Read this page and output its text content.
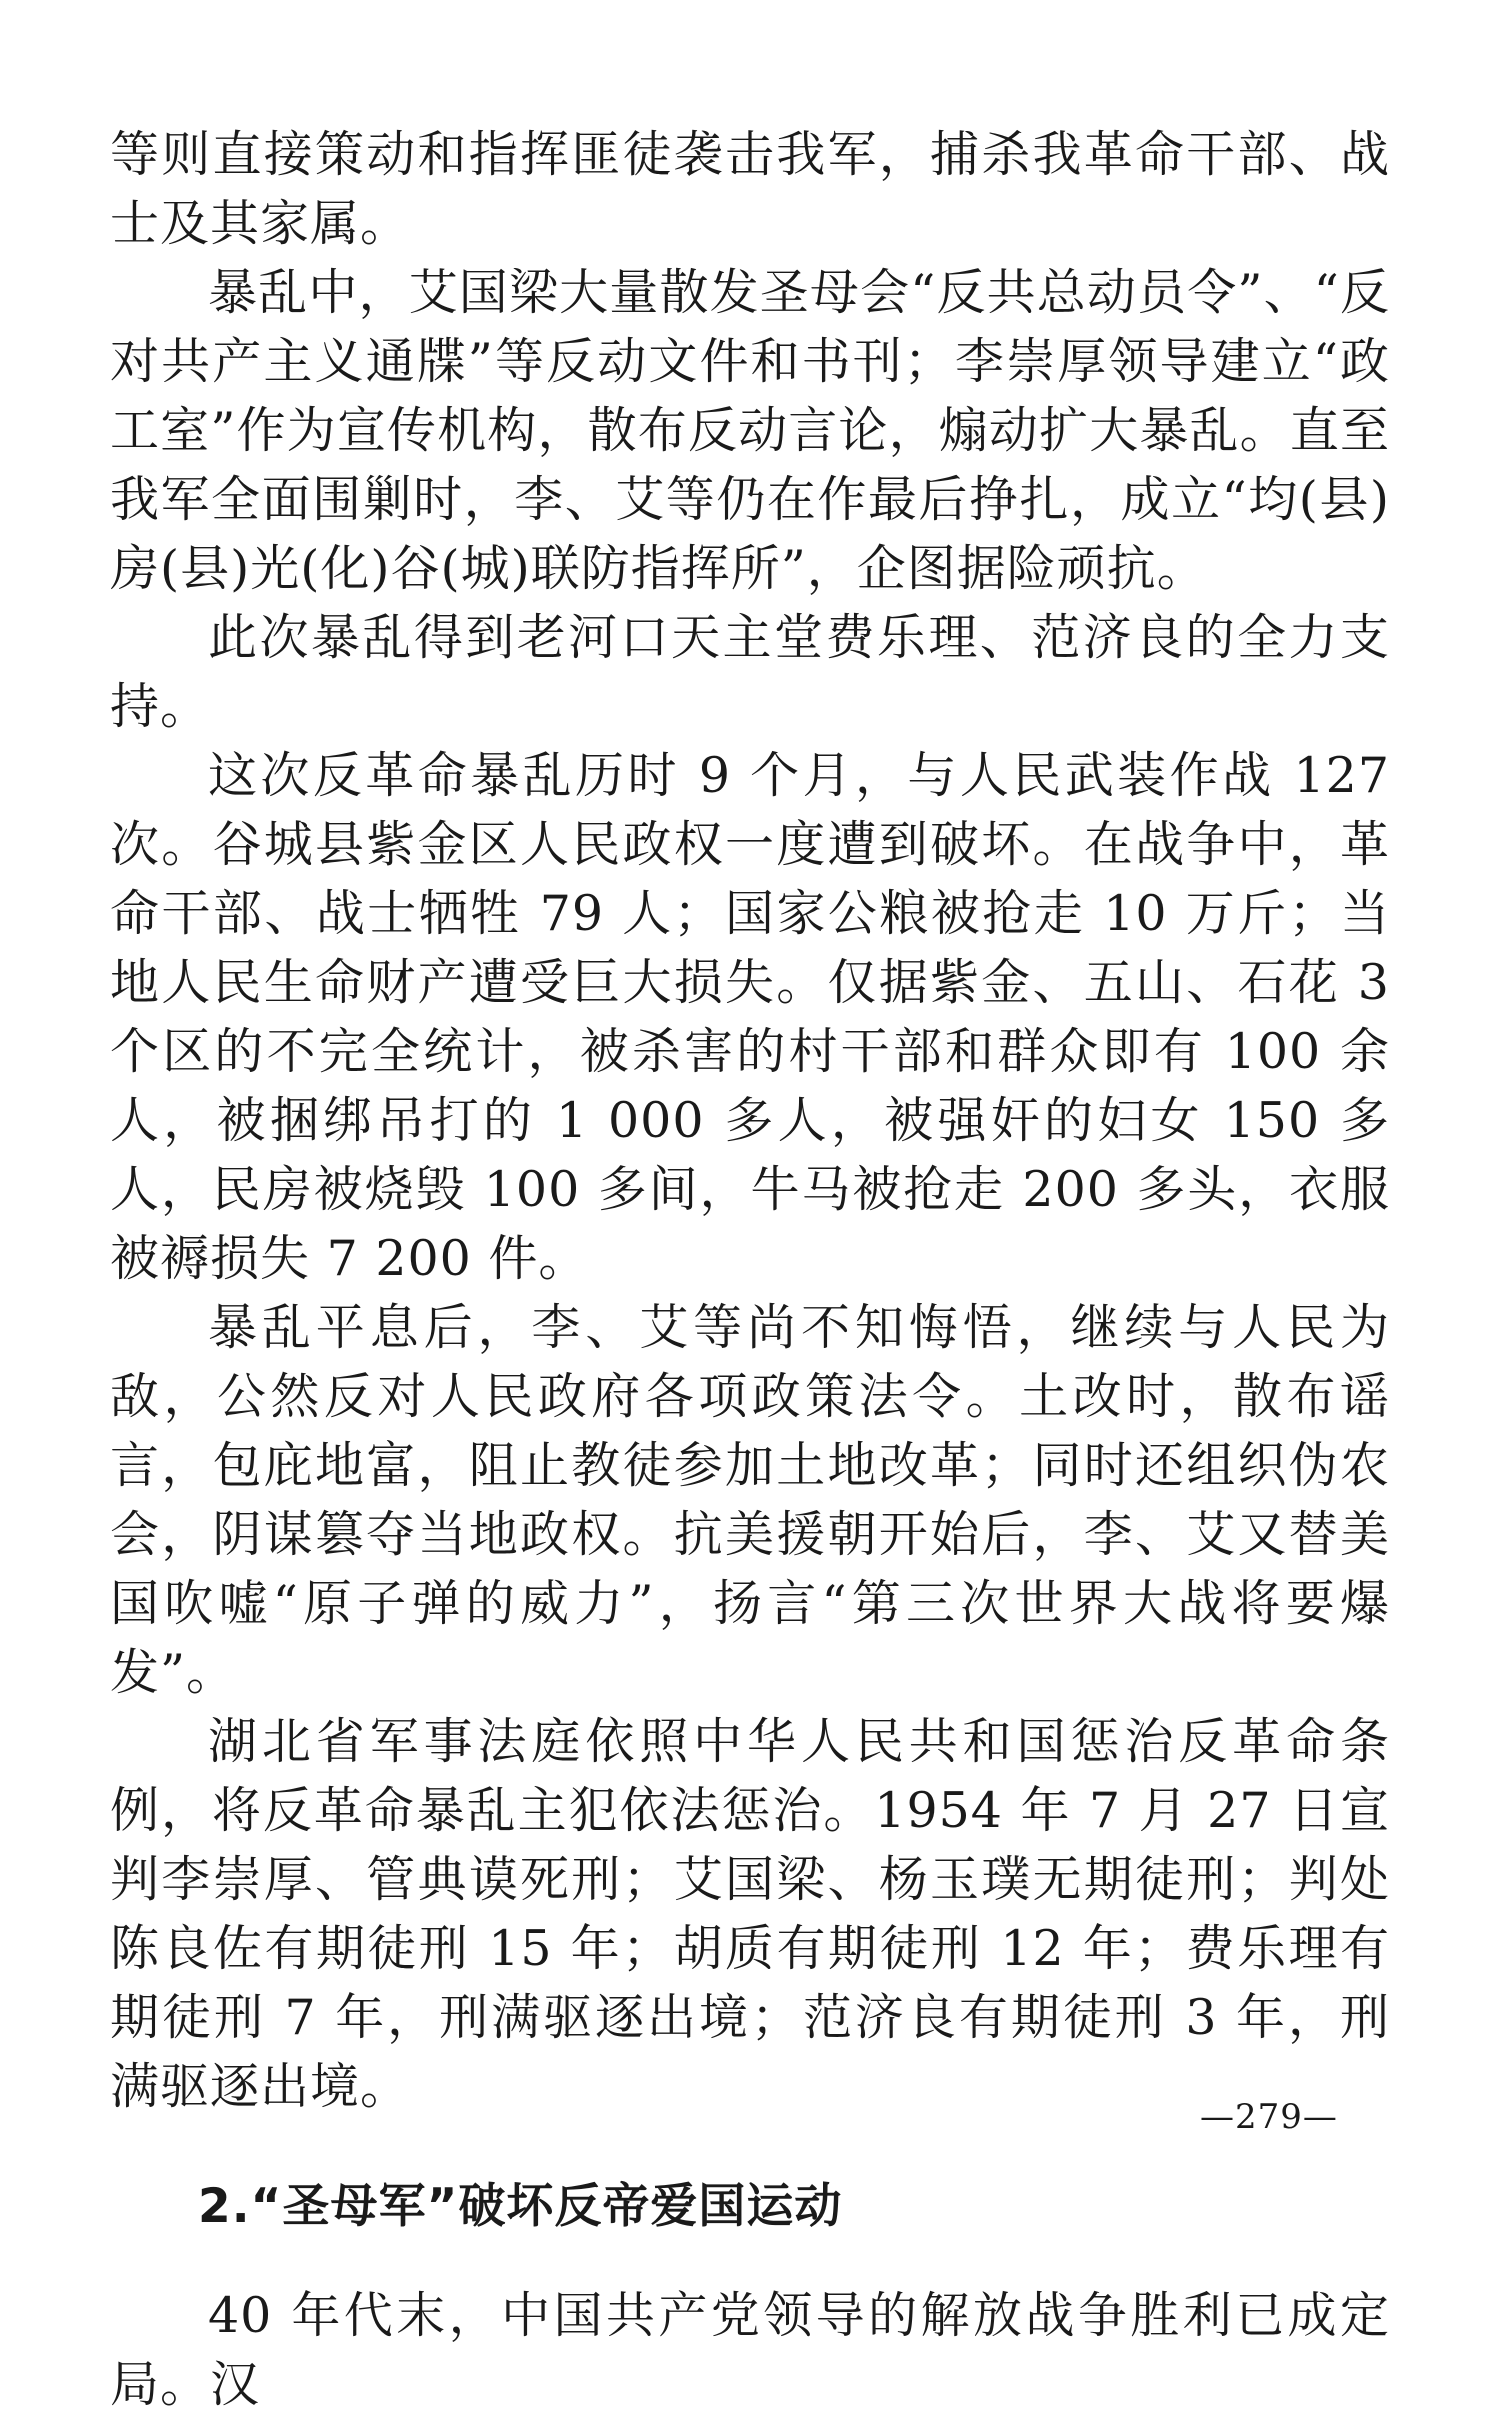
等则直接策动和指挥匪徒袭击我军，捕杀我革命干部、战士及其家属。

暴乱中，艾国梁大量散发圣母会“反共总动员令”、“反对共产主义通牒”等反动文件和书刊；李崇厚领导建立“政工室”作为宣传机构，散布反动言论，煽动扩大暴乱。直至我军全面围剿时，李、艾等仍在作最后挣扎，成立“均(县)房(县)光(化)谷(城)联防指挥所”，企图据险顽抗。

此次暴乱得到老河口天主堂费乐理、范济良的全力支持。

这次反革命暴乱历时 9 个月，与人民武装作战 127 次。谷城县紫金区人民政权一度遭到破坏。在战争中，革命干部、战士牺牲 79 人；国家公粮被抢走 10 万斤；当地人民生命财产遭受巨大损失。仅据紫金、五山、石花 3 个区的不完全统计，被杀害的村干部和群众即有 100 余人，被捆绑吊打的 1 000 多人，被强奸的妇女 150 多人，民房被烧毁 100 多间，牛马被抢走 200 多头，衣服被褥损失 7 200 件。

暴乱平息后，李、艾等尚不知悔悟，继续与人民为敌，公然反对人民政府各项政策法令。土改时，散布谣言，包庇地富，阻止教徒参加土地改革；同时还组织伪农会，阴谋篡夺当地政权。抗美援朝开始后，李、艾又替美国吹嘘“原子弹的威力”，扬言“第三次世界大战将要爆发”。

湖北省军事法庭依照中华人民共和国惩治反革命条例，将反革命暴乱主犯依法惩治。1954 年 7 月 27 日宣判李崇厚、管典谟死刑；艾国梁、杨玉璞无期徒刑；判处陈良佐有期徒刑 15 年；胡质有期徒刑 12 年；费乐理有期徒刑 7 年，刑满驱逐出境；范济良有期徒刑 3 年，刑满驱逐出境。

2.“圣母军”破坏反帝爱国运动

40 年代末，中国共产党领导的解放战争胜利已成定局。汉

—279—
